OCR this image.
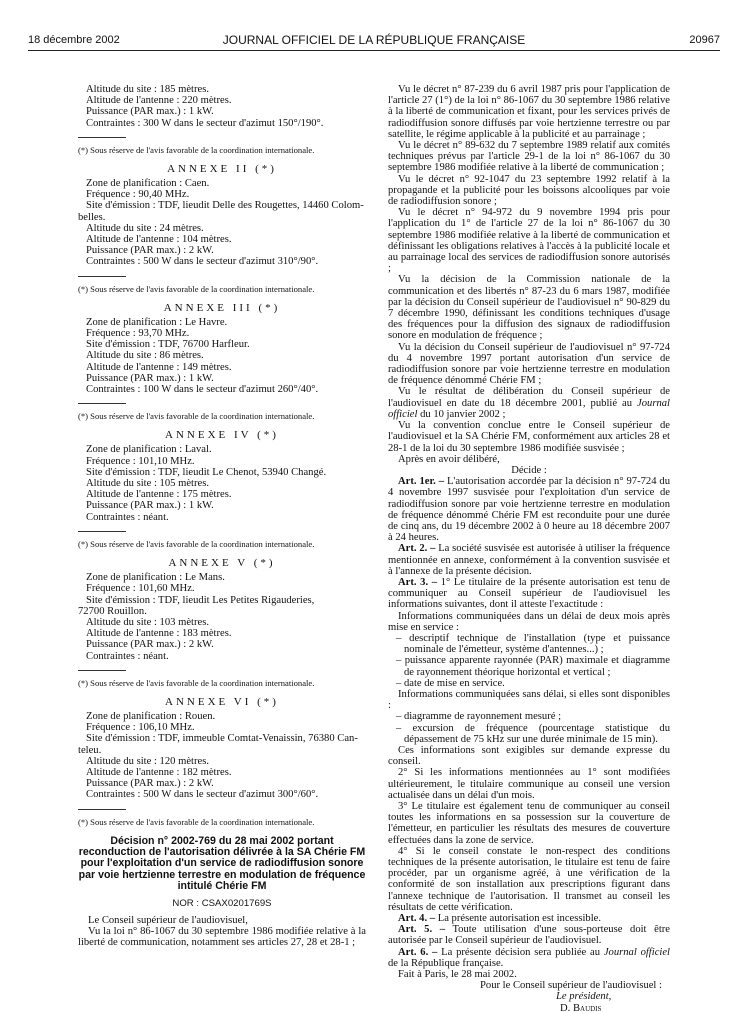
18 décembre 2002	JOURNAL OFFICIEL DE LA RÉPUBLIQUE FRANÇAISE	20967
Altitude du site : 185 mètres.
Altitude de l'antenne : 220 mètres.
Puissance (PAR max.) : 1 kW.
Contraintes : 300 W dans le secteur d'azimut 150°/190°.
(*) Sous réserve de l'avis favorable de la coordination internationale.
ANNEXE II (*)
Zone de planification : Caen.
Fréquence : 90,40 MHz.
Site d'émission : TDF, lieudit Delle des Rougettes, 14460 Colom-
belles.
Altitude du site : 24 mètres.
Altitude de l'antenne : 104 mètres.
Puissance (PAR max.) : 2 kW.
Contraintes : 500 W dans le secteur d'azimut 310°/90°.
(*) Sous réserve de l'avis favorable de la coordination internationale.
ANNEXE III (*)
Zone de planification : Le Havre.
Fréquence : 93,70 MHz.
Site d'émission : TDF, 76700 Harfleur.
Altitude du site : 86 mètres.
Altitude de l'antenne : 149 mètres.
Puissance (PAR max.) : 1 kW.
Contraintes : 100 W dans le secteur d'azimut 260°/40°.
(*) Sous réserve de l'avis favorable de la coordination internationale.
ANNEXE IV (*)
Zone de planification : Laval.
Fréquence : 101,10 MHz.
Site d'émission : TDF, lieudit Le Chenot, 53940 Changé.
Altitude du site : 105 mètres.
Altitude de l'antenne : 175 mètres.
Puissance (PAR max.) : 1 kW.
Contraintes : néant.
(*) Sous réserve de l'avis favorable de la coordination internationale.
ANNEXE V (*)
Zone de planification : Le Mans.
Fréquence : 101,60 MHz.
Site d'émission : TDF, lieudit Les Petites Rigauderies,
72700 Rouillon.
Altitude du site : 103 mètres.
Altitude de l'antenne : 183 mètres.
Puissance (PAR max.) : 2 kW.
Contraintes : néant.
(*) Sous réserve de l'avis favorable de la coordination internationale.
ANNEXE VI (*)
Zone de planification : Rouen.
Fréquence : 106,10 MHz.
Site d'émission : TDF, immeuble Comtat-Venaissin, 76380 Can-
teleu.
Altitude du site : 120 mètres.
Altitude de l'antenne : 182 mètres.
Puissance (PAR max.) : 2 kW.
Contraintes : 500 W dans le secteur d'azimut 300°/60°.
(*) Sous réserve de l'avis favorable de la coordination internationale.

Décision n° 2002-769 du 28 mai 2002 portant reconduction de l'autorisation délivrée à la SA Chérie FM pour l'exploitation d'un service de radiodiffusion sonore par voie hertzienne terrestre en modulation de fréquence intitulé Chérie FM

NOR : CSAX0201769S

Le Conseil supérieur de l'audiovisuel,

Vu la loi n° 86-1067 du 30 septembre 1986 modifiée relative à la liberté de communication, notamment ses articles 27, 28 et 28-1 ;

Vu le décret n° 87-239 du 6 avril 1987 pris pour l'application de l'article 27 (1°) de la loi n° 86-1067 du 30 septembre 1986 relative à la liberté de communication et fixant, pour les services privés de radiodiffusion sonore diffusés par voie hertzienne terrestre ou par satellite, le régime applicable à la publicité et au parrainage ;

Vu le décret n° 89-632 du 7 septembre 1989 relatif aux comités techniques prévus par l'article 29-1 de la loi n° 86-1067 du 30 septembre 1986 modifiée relative à la liberté de communication ;

Vu le décret n° 92-1047 du 23 septembre 1992 relatif à la propagande et la publicité pour les boissons alcooliques par voie de radiodiffusion sonore ;

Vu le décret n° 94-972 du 9 novembre 1994 pris pour l'application du 1° de l'article 27 de la loi n° 86-1067 du 30 septembre 1986 modifiée relative à la liberté de communication et définissant les obligations relatives à l'accès à la publicité locale et au parrainage local des services de radiodiffusion sonore autorisés ;

Vu la décision de la Commission nationale de la communication et des libertés n° 87-23 du 6 mars 1987, modifiée par la décision du Conseil supérieur de l'audiovisuel n° 90-829 du 7 décembre 1990, définissant les conditions techniques d'usage des fréquences pour la diffusion des signaux de radiodiffusion sonore en modulation de fréquence ;

Vu la décision du Conseil supérieur de l'audiovisuel n° 97-724 du 4 novembre 1997 portant autorisation d'un service de radiodiffusion sonore par voie hertzienne terrestre en modulation de fréquence dénommé Chérie FM ;

Vu le résultat de délibération du Conseil supérieur de l'audiovisuel en date du 18 décembre 2001, publié au Journal officiel du 10 janvier 2002 ;

Vu la convention conclue entre le Conseil supérieur de l'audiovisuel et la SA Chérie FM, conformément aux articles 28 et 28-1 de la loi du 30 septembre 1986 modifiée susvisée ;

Après en avoir délibéré,

Décide :

Art. 1er. – L'autorisation accordée par la décision n° 97-724 du 4 novembre 1997 susvisée pour l'exploitation d'un service de radiodiffusion sonore par voie hertzienne terrestre en modulation de fréquence dénommé Chérie FM est reconduite pour une durée de cinq ans, du 19 décembre 2002 à 0 heure au 18 décembre 2007 à 24 heures.

Art. 2. – La société susvisée est autorisée à utiliser la fréquence mentionnée en annexe, conformément à la convention susvisée et à l'annexe de la présente décision.

Art. 3. – 1° Le titulaire de la présente autorisation est tenu de communiquer au Conseil supérieur de l'audiovisuel les informations suivantes, dont il atteste l'exactitude :

Informations communiquées dans un délai de deux mois après mise en service :

– descriptif technique de l'installation (type et puissance nominale de l'émetteur, système d'antennes...) ;

– puissance apparente rayonnée (PAR) maximale et diagramme de rayonnement théorique horizontal et vertical ;

– date de mise en service.

Informations communiquées sans délai, si elles sont disponibles :

– diagramme de rayonnement mesuré ;

– excursion de fréquence (pourcentage statistique du dépassement de 75 kHz sur une durée minimale de 15 min).

Ces informations sont exigibles sur demande expresse du conseil.

2° Si les informations mentionnées au 1° sont modifiées ultérieurement, le titulaire communique au conseil une version actualisée dans un délai d'un mois.

3° Le titulaire est également tenu de communiquer au conseil toutes les informations en sa possession sur la couverture de l'émetteur, en particulier les résultats des mesures de couverture effectuées dans la zone de service.

4° Si le conseil constate le non-respect des conditions techniques de la présente autorisation, le titulaire est tenu de faire procéder, par un organisme agréé, à une vérification de la conformité de son installation aux prescriptions figurant dans l'annexe technique de l'autorisation. Il transmet au conseil les résultats de cette vérification.

Art. 4. – La présente autorisation est incessible.

Art. 5. – Toute utilisation d'une sous-porteuse doit être autorisée par le Conseil supérieur de l'audiovisuel.

Art. 6. – La présente décision sera publiée au Journal officiel de la République française.

Fait à Paris, le 28 mai 2002.

Pour le Conseil supérieur de l'audiovisuel :

Le président,

D. Baudis
